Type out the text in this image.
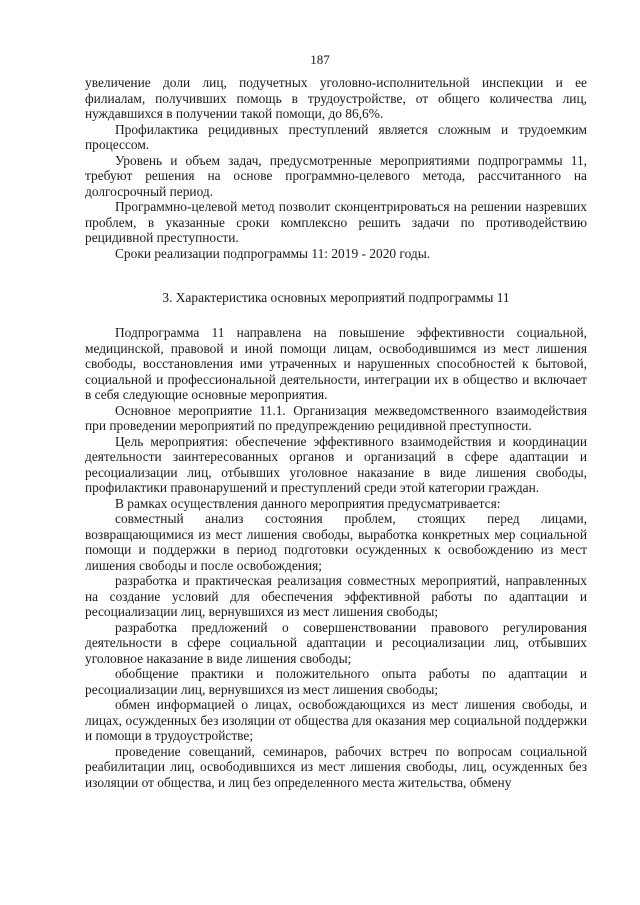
187

увеличение доли лиц, подучетных уголовно-исполнительной инспекции и ее филиалам, получивших помощь в трудоустройстве, от общего количества лиц, нуждавшихся в получении такой помощи, до 86,6%.

Профилактика рецидивных преступлений является сложным и трудоемким процессом.

Уровень и объем задач, предусмотренные мероприятиями подпрограммы 11, требуют решения на основе программно-целевого метода, рассчитанного на долгосрочный период.

Программно-целевой метод позволит сконцентрироваться на решении назревших проблем, в указанные сроки комплексно решить задачи по противодействию рецидивной преступности.

Сроки реализации подпрограммы 11: 2019 - 2020 годы.

3. Характеристика основных мероприятий подпрограммы 11

Подпрограмма 11 направлена на повышение эффективности социальной, медицинской, правовой и иной помощи лицам, освободившимся из мест лишения свободы, восстановления ими утраченных и нарушенных способностей к бытовой, социальной и профессиональной деятельности, интеграции их в общество и включает в себя следующие основные мероприятия.

Основное мероприятие 11.1. Организация межведомственного взаимодействия при проведении мероприятий по предупреждению рецидивной преступности.

Цель мероприятия: обеспечение эффективного взаимодействия и координации деятельности заинтересованных органов и организаций в сфере адаптации и ресоциализации лиц, отбывших уголовное наказание в виде лишения свободы, профилактики правонарушений и преступлений среди этой категории граждан.

В рамках осуществления данного мероприятия предусматривается:

совместный анализ состояния проблем, стоящих перед лицами, возвращающимися из мест лишения свободы, выработка конкретных мер социальной помощи и поддержки в период подготовки осужденных к освобождению из мест лишения свободы и после освобождения;

разработка и практическая реализация совместных мероприятий, направленных на создание условий для обеспечения эффективной работы по адаптации и ресоциализации лиц, вернувшихся из мест лишения свободы;

разработка предложений о совершенствовании правового регулирования деятельности в сфере социальной адаптации и ресоциализации лиц, отбывших уголовное наказание в виде лишения свободы;

обобщение практики и положительного опыта работы по адаптации и ресоциализации лиц, вернувшихся из мест лишения свободы;

обмен информацией о лицах, освобождающихся из мест лишения свободы, и лицах, осужденных без изоляции от общества для оказания мер социальной поддержки и помощи в трудоустройстве;

проведение совещаний, семинаров, рабочих встреч по вопросам социальной реабилитации лиц, освободившихся из мест лишения свободы, лиц, осужденных без изоляции от общества, и лиц без определенного места жительства, обмену
